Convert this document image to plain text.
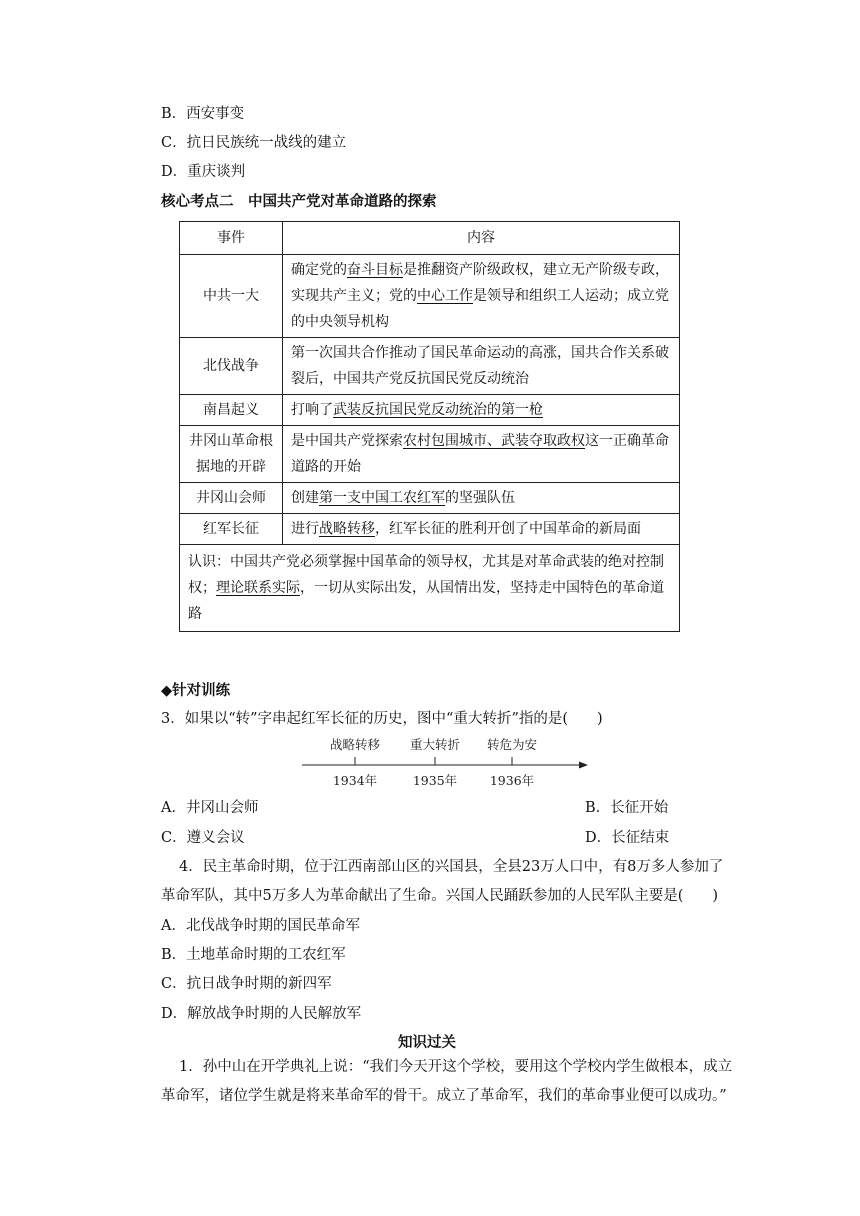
B．西安事变
C．抗日民族统一战线的建立
D．重庆谈判
核心考点二　中国共产党对革命道路的探索
事件	内容
中共一大	确定党的奋斗目标是推翻资产阶级政权，建立无产阶级专政，实现共产主义；党的中心工作是领导和组织工人运动；成立党的中央领导机构
北伐战争	第一次国共合作推动了国民革命运动的高涨，国共合作关系破裂后，中国共产党反抗国民党反动统治
南昌起义	打响了武装反抗国民党反动统治的第一枪
井冈山革命根据地的开辟	是中国共产党探索农村包围城市、武装夺取政权这一正确革命道路的开始
井冈山会师	创建第一支中国工农红军的坚强队伍
红军长征	进行战略转移，红军长征的胜利开创了中国革命的新局面
认识：中国共产党必须掌握中国革命的领导权，尤其是对革命武装的绝对控制权；理论联系实际，一切从实际出发，从国情出发，坚持走中国特色的革命道路	
◆针对训练
3．如果以“转”字串起红军长征的历史，图中“重大转折”指的是(　　)
战略转移 重大转折 转危为安
1934年	1935年	1936年
A．井冈山会师	B．长征开始
C．遵义会议	D．长征结束
4．民主革命时期，位于江西南部山区的兴国县，全县23万人口中，有8万多人参加了
革命军队，其中5万多人为革命献出了生命。兴国人民踊跃参加的人民军队主要是(　　)
A．北伐战争时期的国民革命军
B．土地革命时期的工农红军
C．抗日战争时期的新四军
D．解放战争时期的人民解放军
知识过关
1．孙中山在开学典礼上说：“我们今天开这个学校，要用这个学校内学生做根本，成立
革命军，诸位学生就是将来革命军的骨干。成立了革命军，我们的革命事业便可以成功。”
